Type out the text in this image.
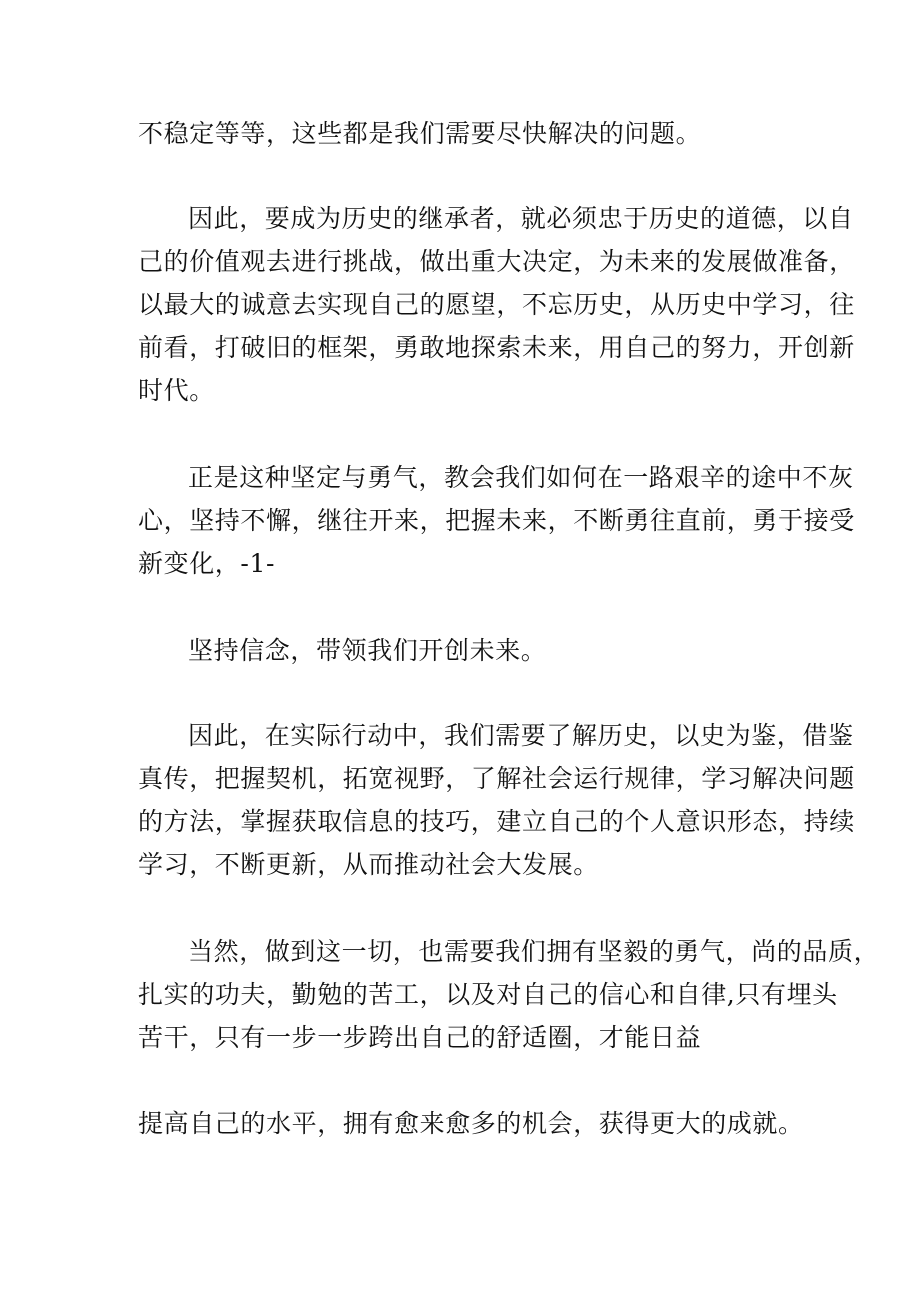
不稳定等等，这些都是我们需要尽快解决的问题。
因此，要成为历史的继承者，就必须忠于历史的道德，以自
己的价值观去进行挑战，做出重大决定，为未来的发展做准备，
以最大的诚意去实现自己的愿望，不忘历史，从历史中学习，往
前看，打破旧的框架，勇敢地探索未来，用自己的努力，开创新
时代。
正是这种坚定与勇气，教会我们如何在一路艰辛的途中不灰
心，坚持不懈，继往开来，把握未来，不断勇往直前，勇于接受
新变化，-1-
坚持信念，带领我们开创未来。
因此，在实际行动中，我们需要了解历史，以史为鉴，借鉴
真传，把握契机，拓宽视野，了解社会运行规律，学习解决问题
的方法，掌握获取信息的技巧，建立自己的个人意识形态，持续
学习，不断更新，从而推动社会大发展。
当然，做到这一切，也需要我们拥有坚毅的勇气，尚的品质，
扎实的功夫，勤勉的苦工，以及对自己的信心和自律,只有埋头
苦干，只有一步一步跨出自己的舒适圈，才能日益
提高自己的水平，拥有愈来愈多的机会，获得更大的成就。
